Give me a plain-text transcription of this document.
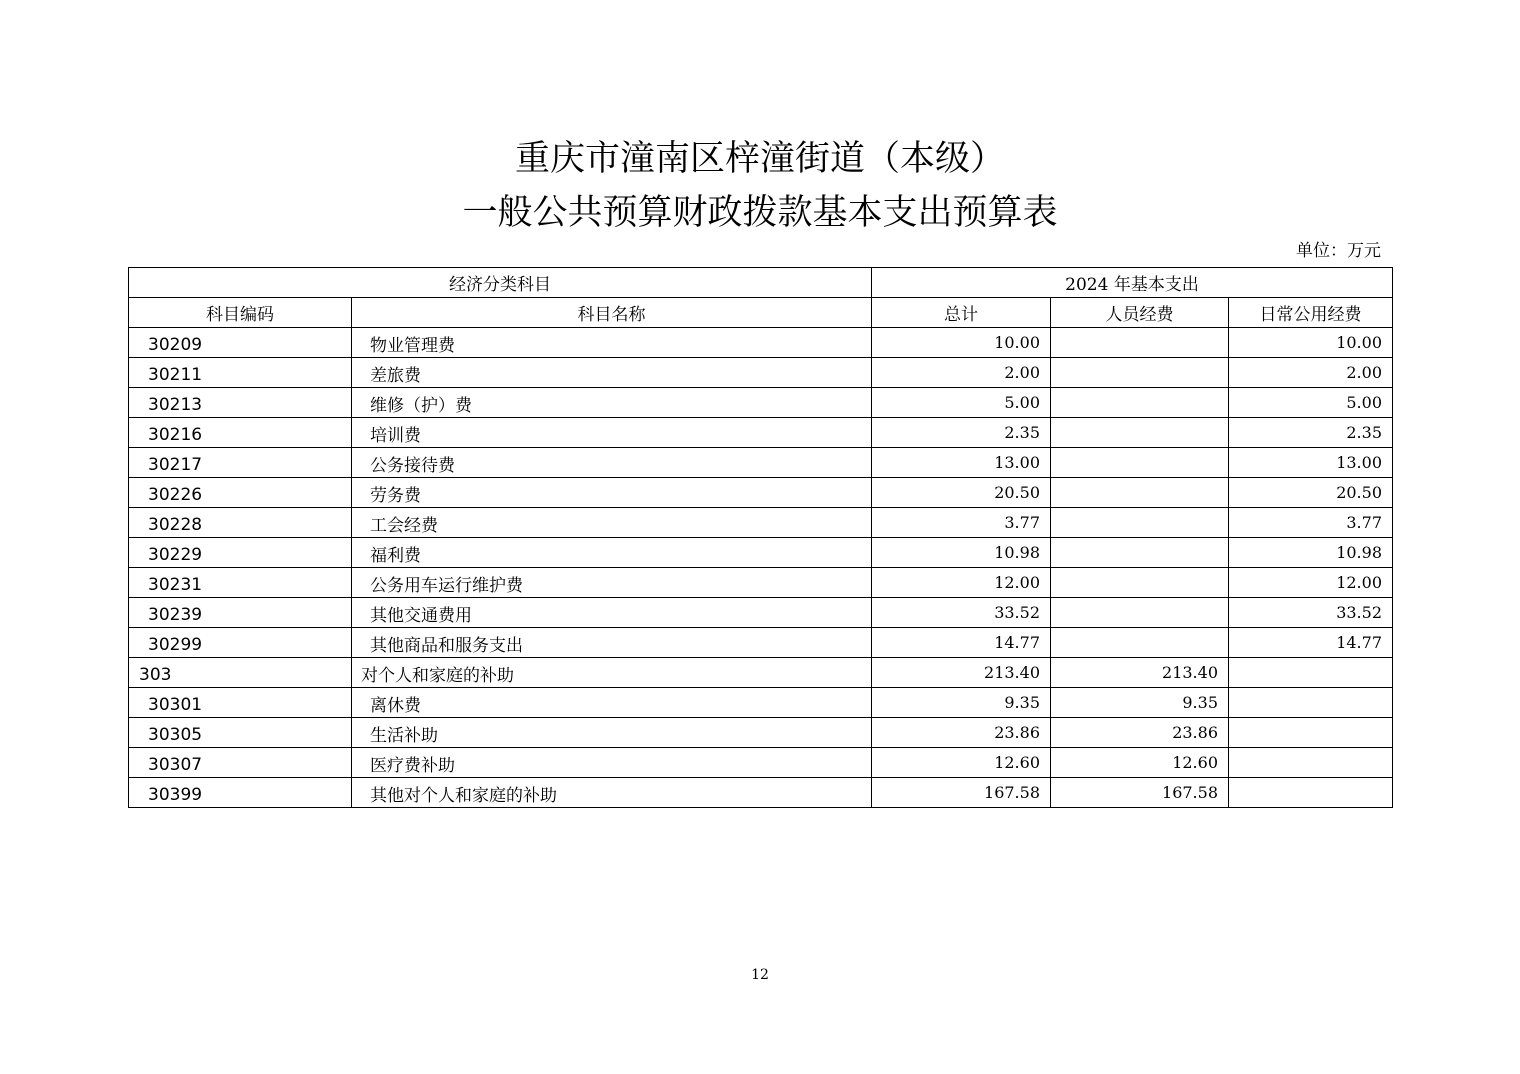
重庆市潼南区梓潼街道（本级）
一般公共预算财政拨款基本支出预算表
单位：万元
经济分类科目		2024 年基本支出		
科目编码	科目名称	总计	人员经费	日常公用经费
30209	物业管理费	10.00		10.00
30211	差旅费	2.00		2.00
30213	维修（护）费	5.00		5.00
30216	培训费	2.35		2.35
30217	公务接待费	13.00		13.00
30226	劳务费	20.50		20.50
30228	工会经费	3.77		3.77
30229	福利费	10.98		10.98
30231	公务用车运行维护费	12.00		12.00
30239	其他交通费用	33.52		33.52
30299	其他商品和服务支出	14.77		14.77
303	对个人和家庭的补助	213.40	213.40	
30301	离休费	9.35	9.35	
30305	生活补助	23.86	23.86	
30307	医疗费补助	12.60	12.60	
30399	其他对个人和家庭的补助	167.58	167.58	
12
